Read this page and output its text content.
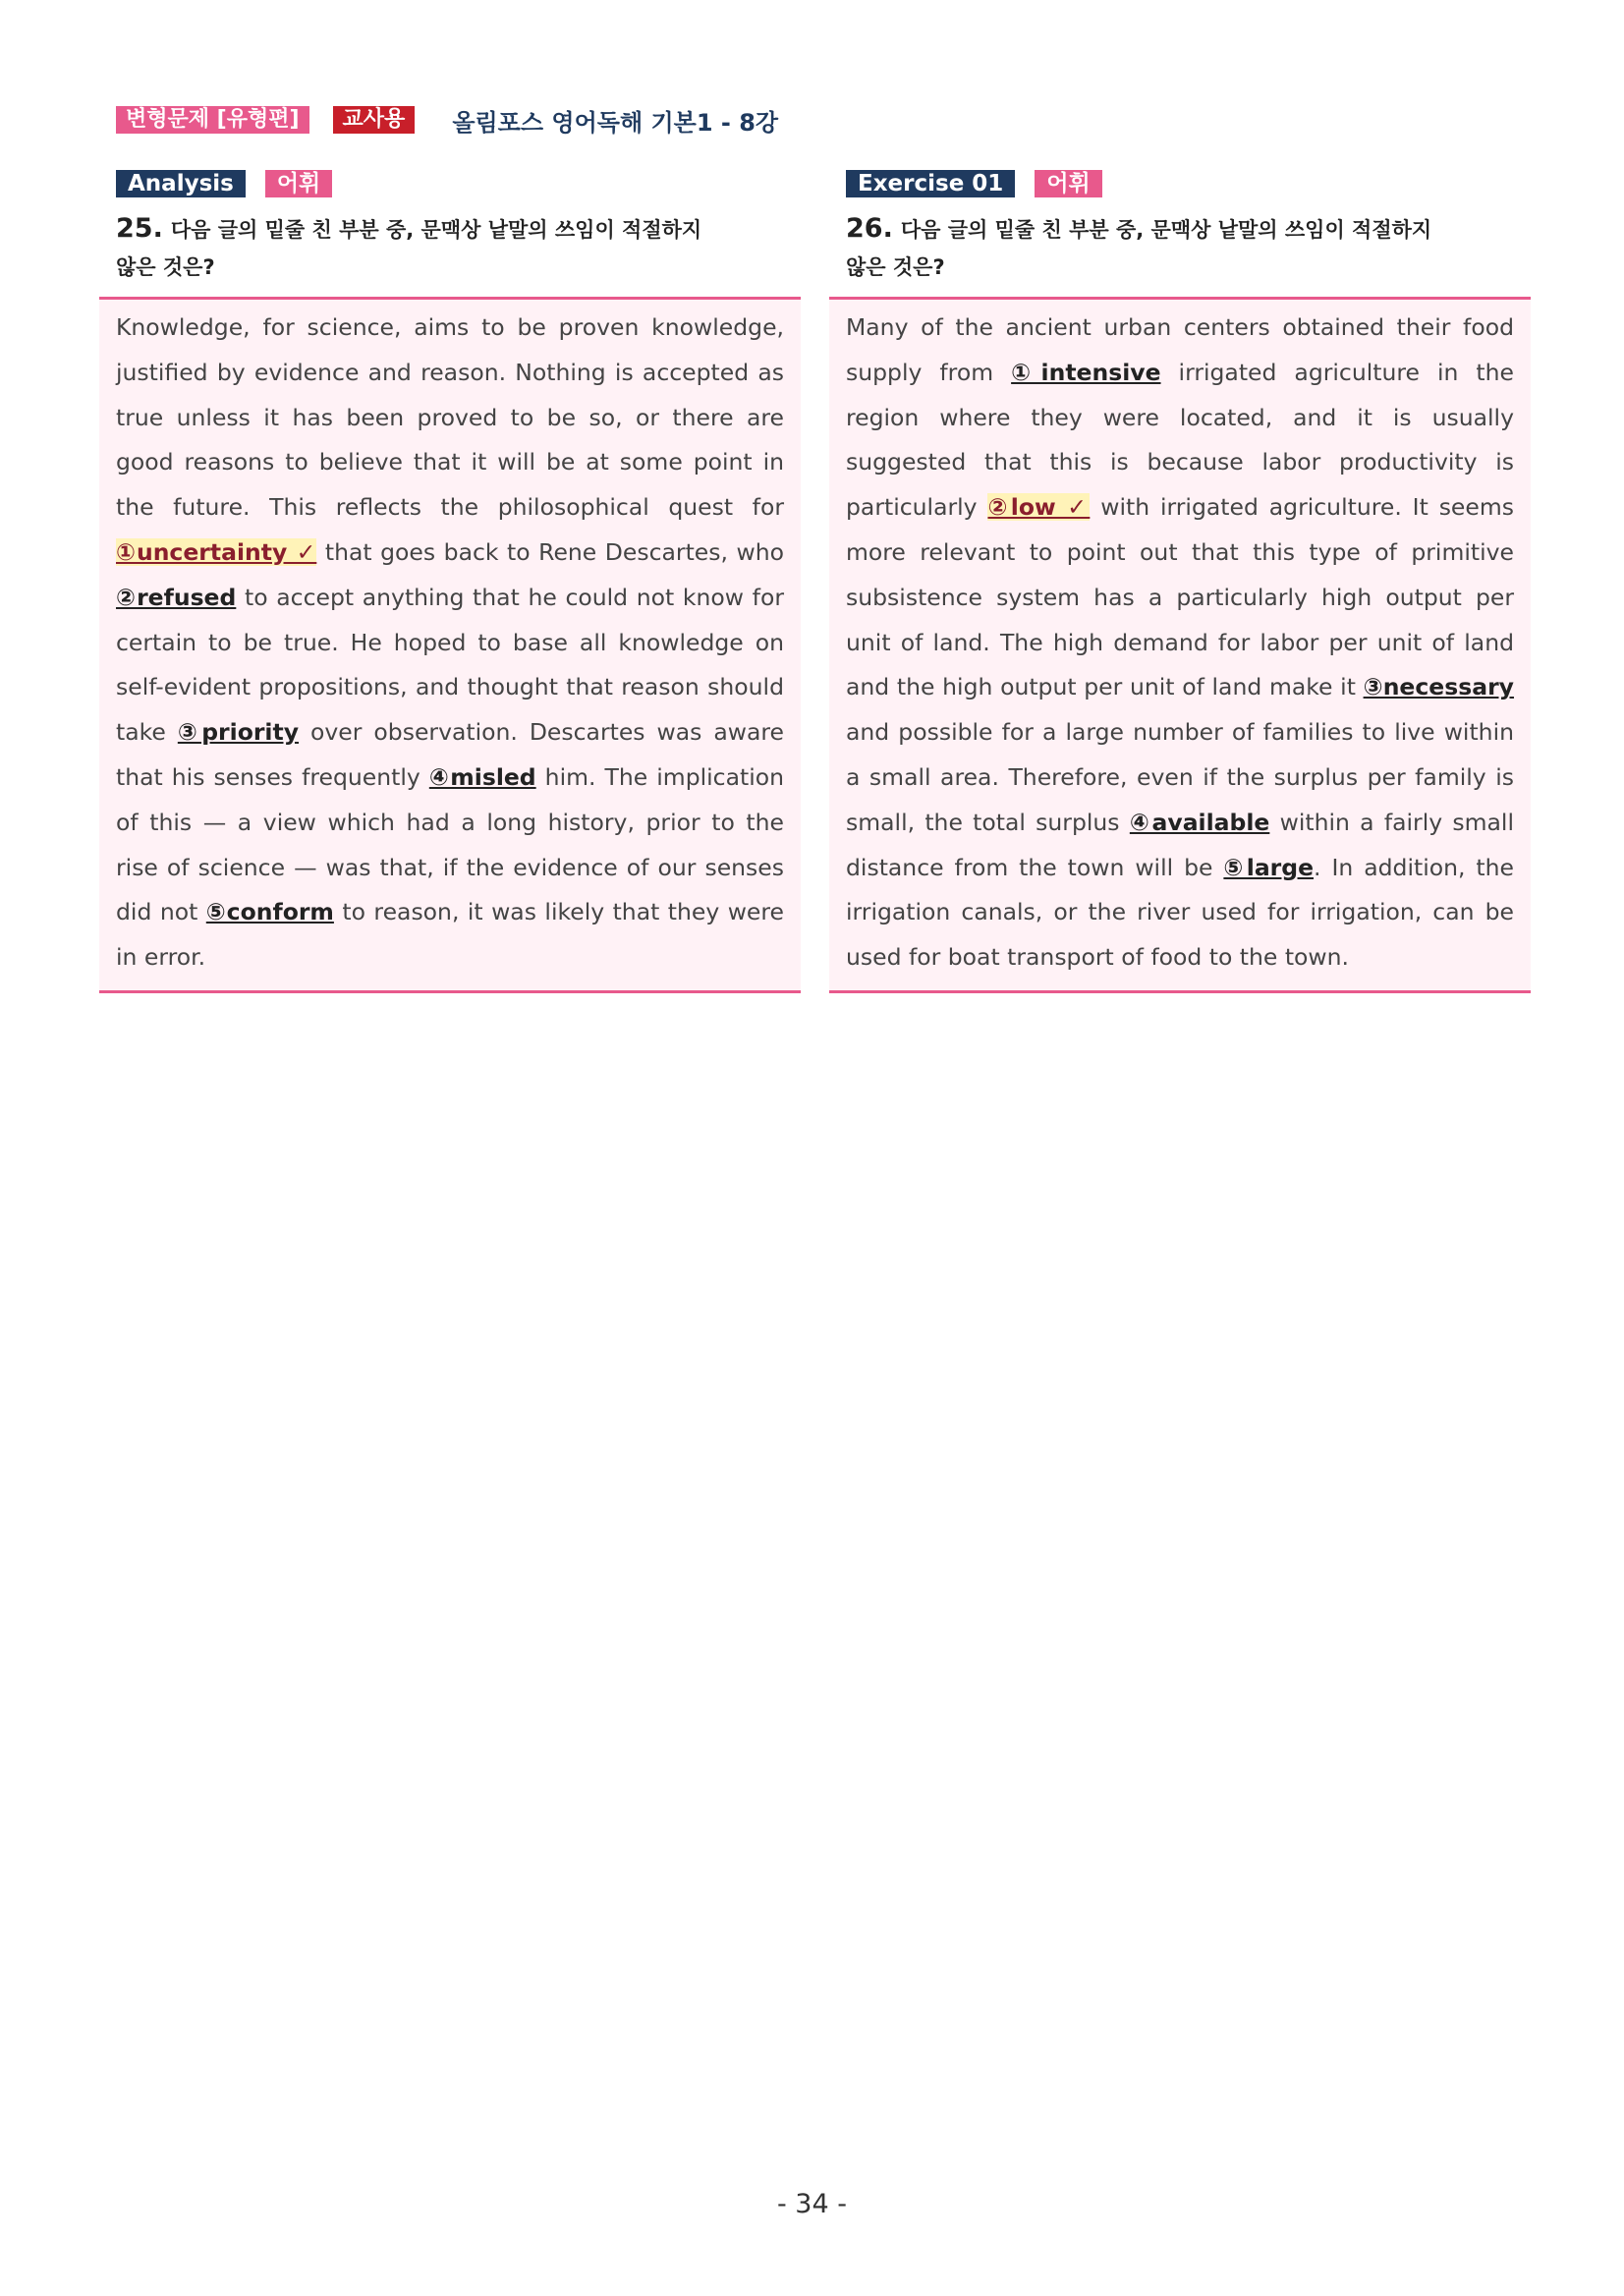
변형문제 [유형편]	교사용	올림포스 영어독해 기본1 - 8강
Analysis	어휘
25. 다음 글의 밑줄 친 부분 중, 문맥상 낱말의 쓰임이 적절하지
않은 것은?
Knowledge, for science, aims to be proven knowledge, justified by evidence and reason. Nothing is accepted as true unless it has been proved to be so, or there are good reasons to believe that it will be at some point in the future. This reflects the philosophical quest for ①uncertainty ✓ that goes back to Rene Descartes, who ②refused to accept anything that he could not know for certain to be true. He hoped to base all knowledge on self-evident propositions, and thought that reason should take ③priority over observation. Descartes was aware that his senses frequently ④misled him. The implication of this — a view which had a long history, prior to the rise of science — was that, if the evidence of our senses did not ⑤conform to reason, it was likely that they were in error.
Exercise 01	어휘
26. 다음 글의 밑줄 친 부분 중, 문맥상 낱말의 쓰임이 적절하지
않은 것은?
Many of the ancient urban centers obtained their food supply from ①intensive irrigated agriculture in the region where they were located, and it is usually suggested that this is because labor productivity is particularly ②low ✓ with irrigated agriculture. It seems more relevant to point out that this type of primitive subsistence system has a particularly high output per unit of land. The high demand for labor per unit of land and the high output per unit of land make it ③necessary and possible for a large number of families to live within a small area. Therefore, even if the surplus per family is small, the total surplus ④available within a fairly small distance from the town will be ⑤large. In addition, the irrigation canals, or the river used for irrigation, can be used for boat transport of food to the town.
- 34 -
